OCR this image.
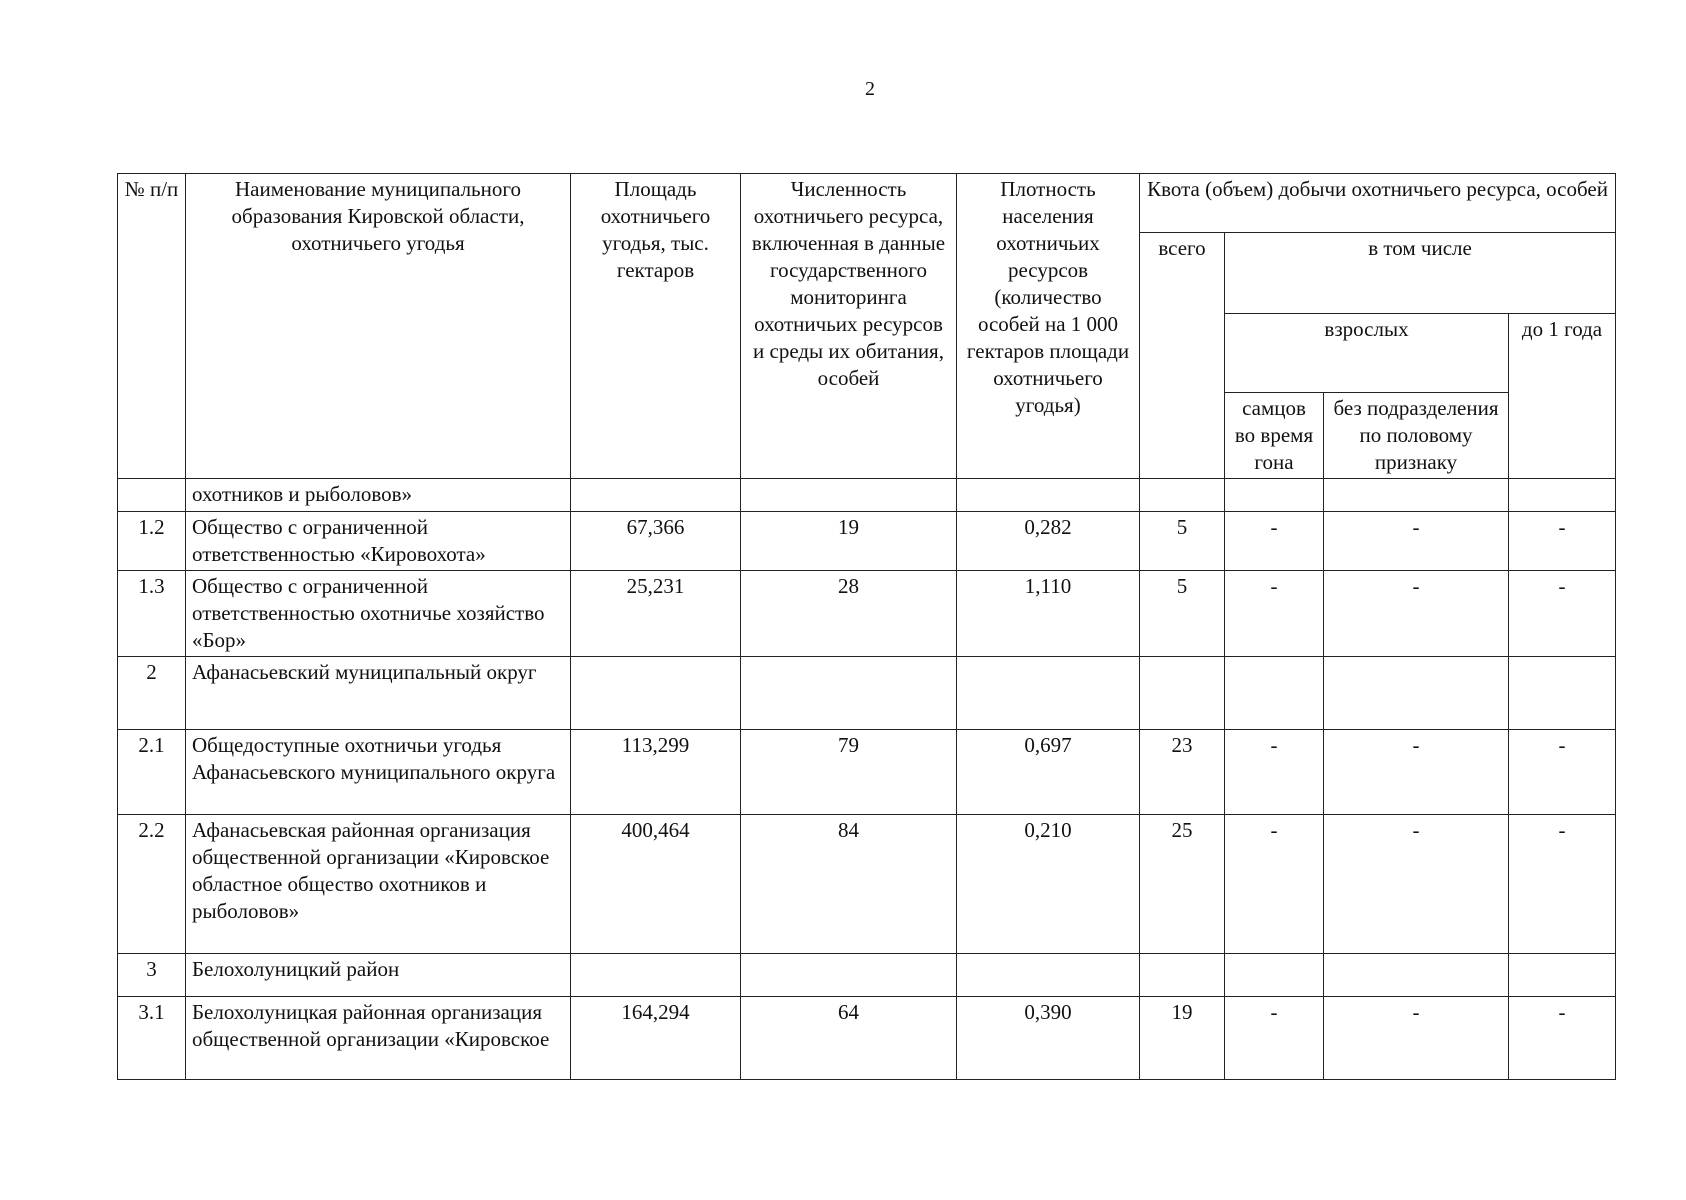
2
№ п/п	Наименование муниципального образования Кировской области, охотничьего угодья	Площадь охотничьего угодья, тыс. гектаров	Численность охотничьего ресурса, включенная в данные государственного мониторинга охотничьих ресурсов и среды их обитания, особей	Плотность населения охотничьих ресурсов (количество особей на 1 000 гектаров площади охотничьего угодья)	Квота (объем) добычи охотничьего ресурса, особей			
					всего	в том числе		
						взрослых		до 1 года
						самцов во время гона	без подразделения по половому признаку	
	охотников и рыболовов»							
1.2	Общество с ограниченной ответственностью «Кировохота»	67,366	19	0,282	5	-	-	-
1.3	Общество с ограниченной ответственностью охотничье хозяйство «Бор»	25,231	28	1,110	5	-	-	-
2	Афанасьевский муниципальный округ							
2.1	Общедоступные охотничьи угодья Афанасьевского муниципального округа	113,299	79	0,697	23	-	-	-
2.2	Афанасьевская районная организация общественной организации «Кировское областное общество охотников и рыболовов»	400,464	84	0,210	25	-	-	-
3	Белохолуницкий район							
3.1	Белохолуницкая районная организация общественной организации «Кировское	164,294	64	0,390	19	-	-	-
